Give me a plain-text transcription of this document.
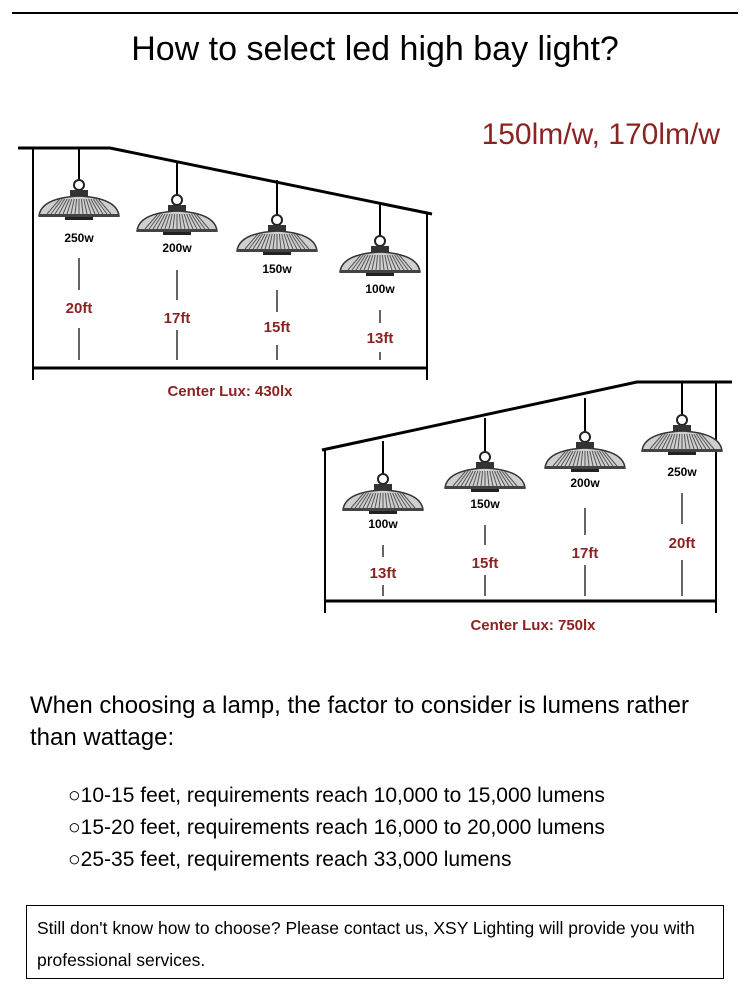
How to select led high bay light?
150lm/w, 170lm/w
250w
20ft
200w
17ft
150w
15ft
100w
13ft
Center Lux: 430lx
100w
13ft
150w
15ft
200w
17ft
250w
20ft
Center Lux: 750lx
When choosing a lamp, the factor to consider is lumens rather than wattage:
○10-15 feet, requirements reach 10,000 to 15,000 lumens
○15-20 feet, requirements reach 16,000 to 20,000 lumens
○25-35 feet, requirements reach 33,000 lumens
Still don't know how to choose? Please contact us, XSY Lighting will provide you with professional services.
